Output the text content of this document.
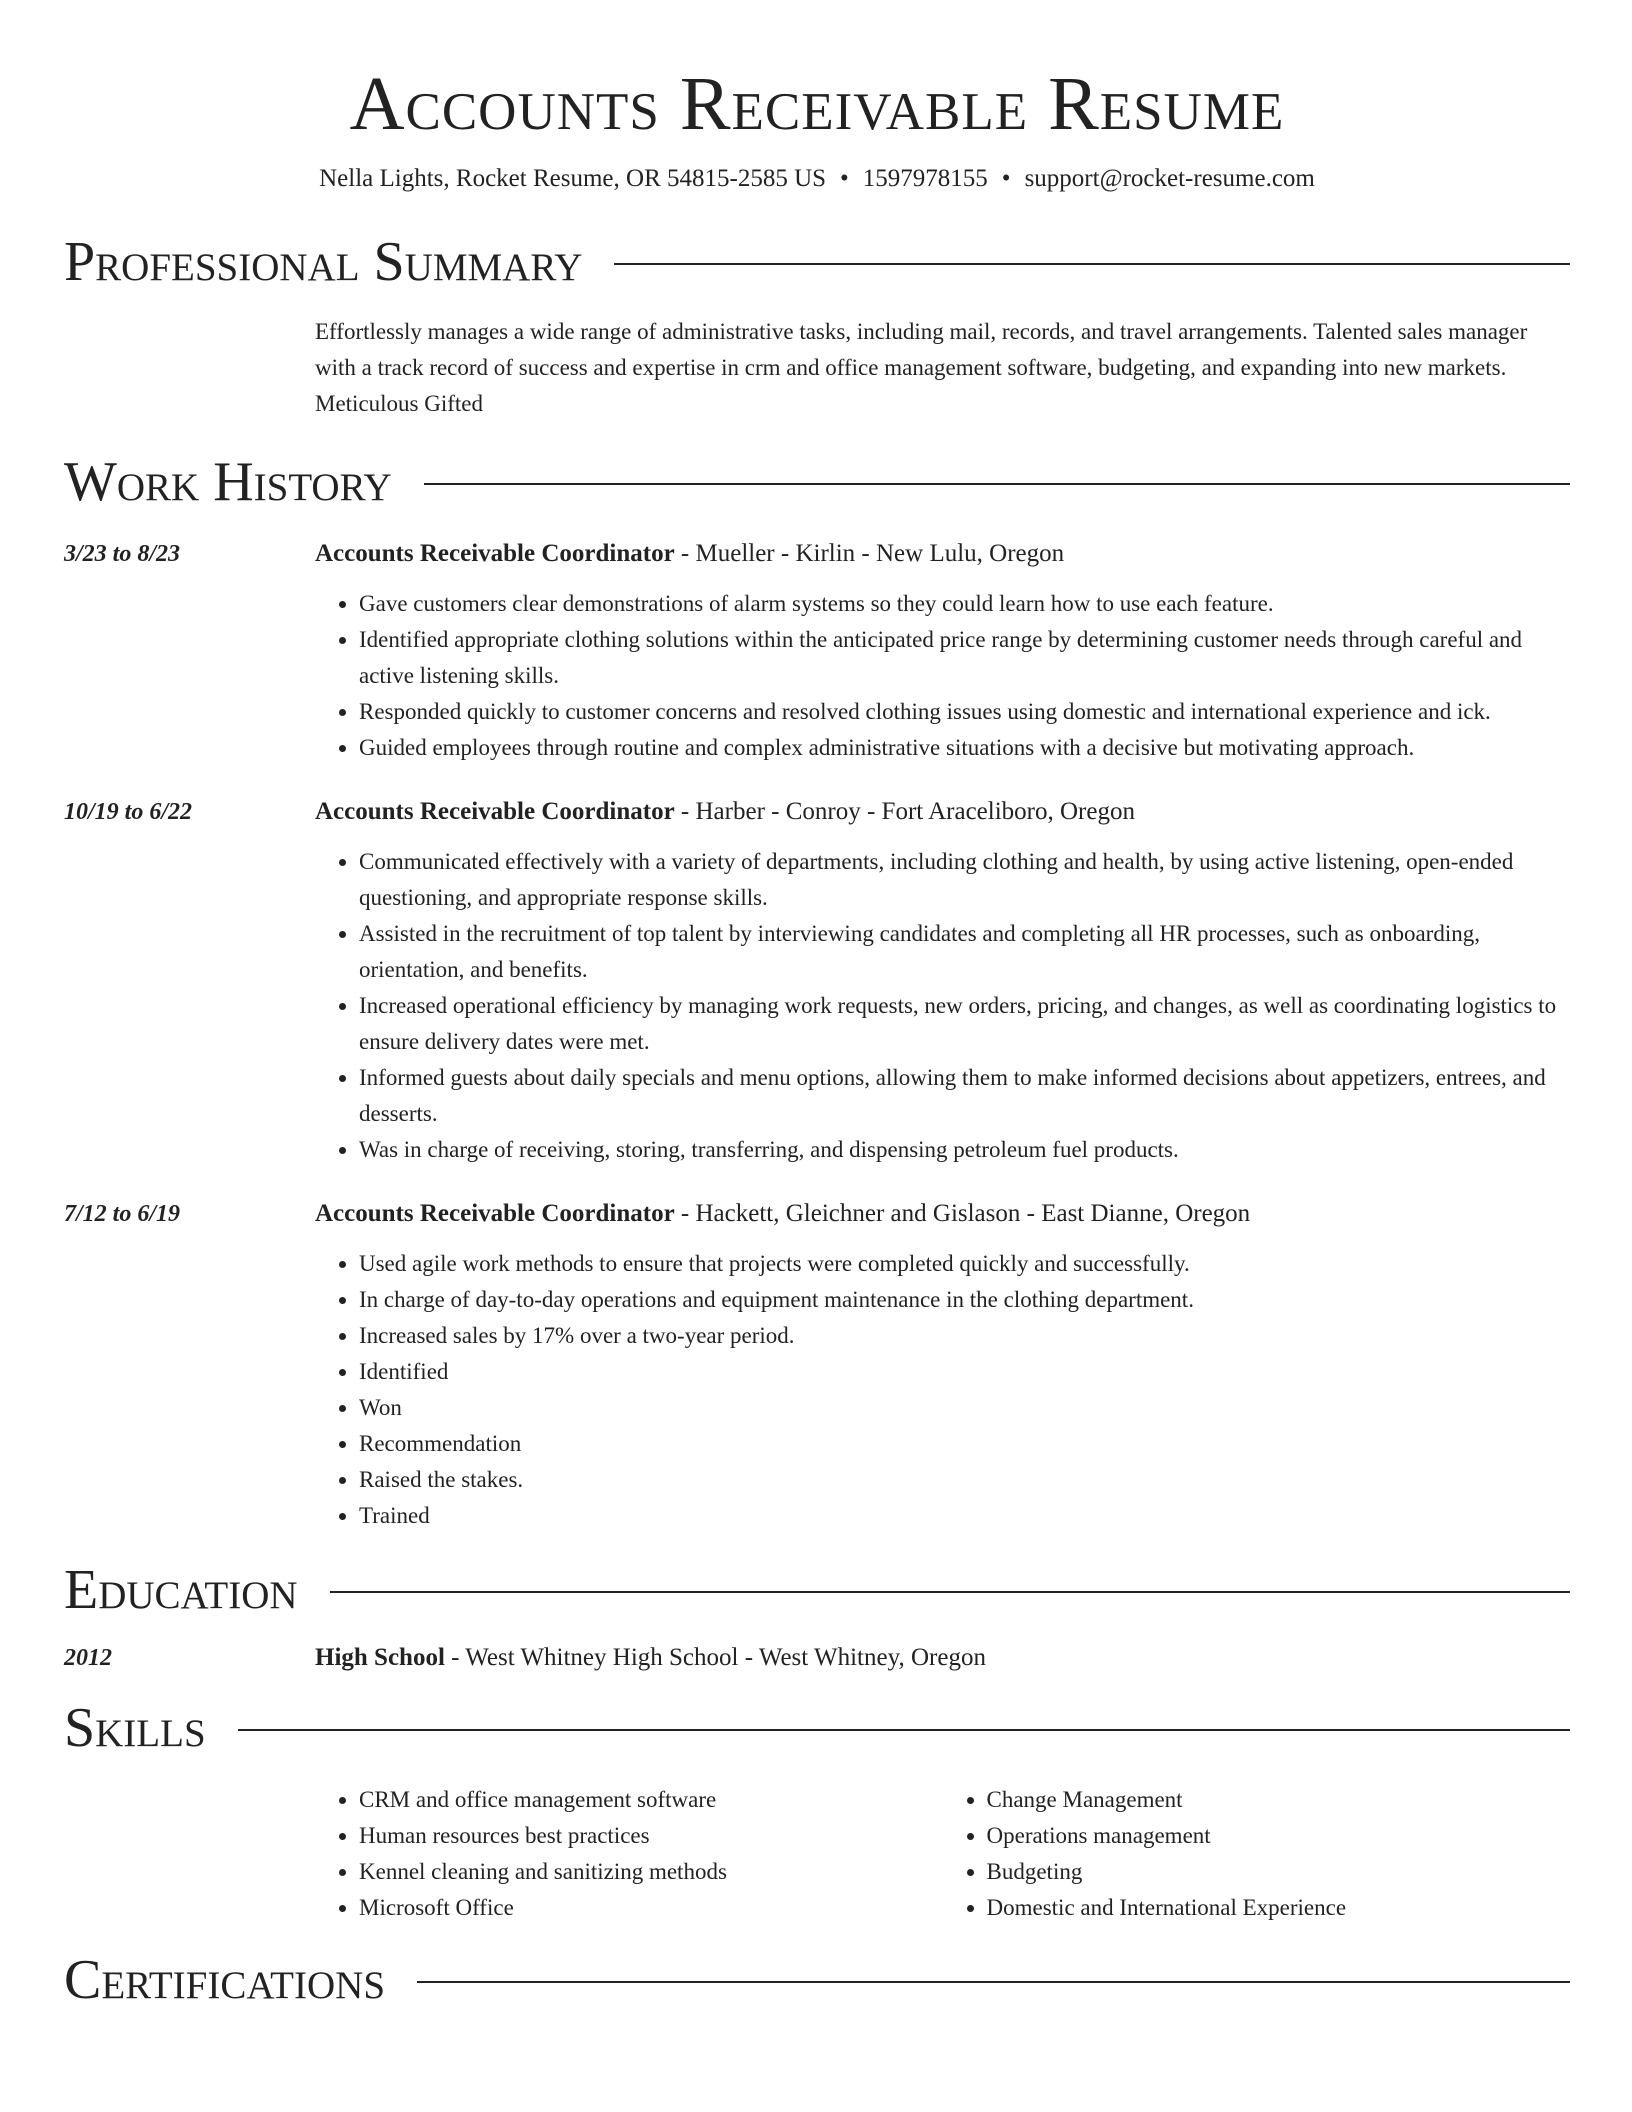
Accounts Receivable Resume
Nella Lights, Rocket Resume, OR 54815-2585 US • 1597978155 • support@rocket-resume.com
Professional Summary

Effortlessly manages a wide range of administrative tasks, including mail, records, and travel arrangements. Talented sales manager with a track record of success and expertise in crm and office management software, budgeting, and expanding into new markets. Meticulous Gifted

Work History
3/23 to 8/23	Accounts Receivable Coordinator - Mueller - Kirlin - New Lulu, Oregon
• Gave customers clear demonstrations of alarm systems so they could learn how to use each feature.
• Identified appropriate clothing solutions within the anticipated price range by determining customer needs through careful and active listening skills.
• Responded quickly to customer concerns and resolved clothing issues using domestic and international experience and ick.
• Guided employees through routine and complex administrative situations with a decisive but motivating approach.
10/19 to 6/22	Accounts Receivable Coordinator - Harber - Conroy - Fort Araceliboro, Oregon
• Communicated effectively with a variety of departments, including clothing and health, by using active listening, open-ended questioning, and appropriate response skills.
• Assisted in the recruitment of top talent by interviewing candidates and completing all HR processes, such as onboarding, orientation, and benefits.
• Increased operational efficiency by managing work requests, new orders, pricing, and changes, as well as coordinating logistics to ensure delivery dates were met.
• Informed guests about daily specials and menu options, allowing them to make informed decisions about appetizers, entrees, and desserts.
• Was in charge of receiving, storing, transferring, and dispensing petroleum fuel products.
7/12 to 6/19	Accounts Receivable Coordinator - Hackett, Gleichner and Gislason - East Dianne, Oregon
• Used agile work methods to ensure that projects were completed quickly and successfully.
• In charge of day-to-day operations and equipment maintenance in the clothing department.
• Increased sales by 17% over a two-year period.
• Identified
• Won
• Recommendation
• Raised the stakes.
• Trained
Education
2012	High School - West Whitney High School - West Whitney, Oregon
Skills
• CRM and office management software
• Human resources best practices
• Kennel cleaning and sanitizing methods
• Microsoft Office
• Change Management
• Operations management
• Budgeting
• Domestic and International Experience
Certifications
